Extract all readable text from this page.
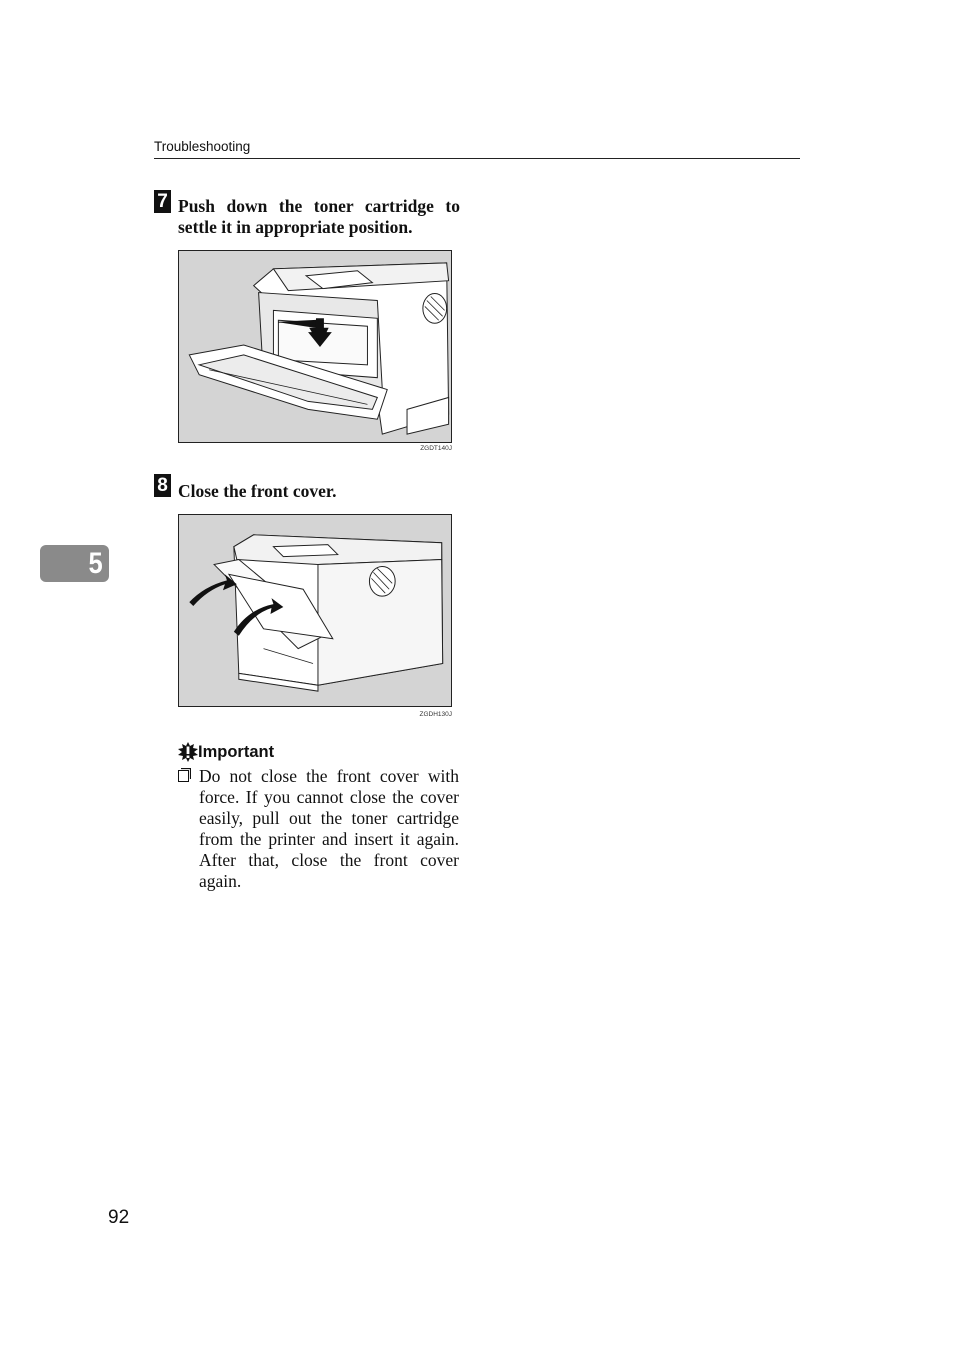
Troubleshooting
7 Push down the toner cartridge to settle it in appropriate position.
ZGDT140J
5
8 Close the front cover.
ZGDH130J
Important
Do not close the front cover with force. If you cannot close the cover easily, pull out the toner cartridge from the printer and insert it again. After that, close the front cover again.
92
